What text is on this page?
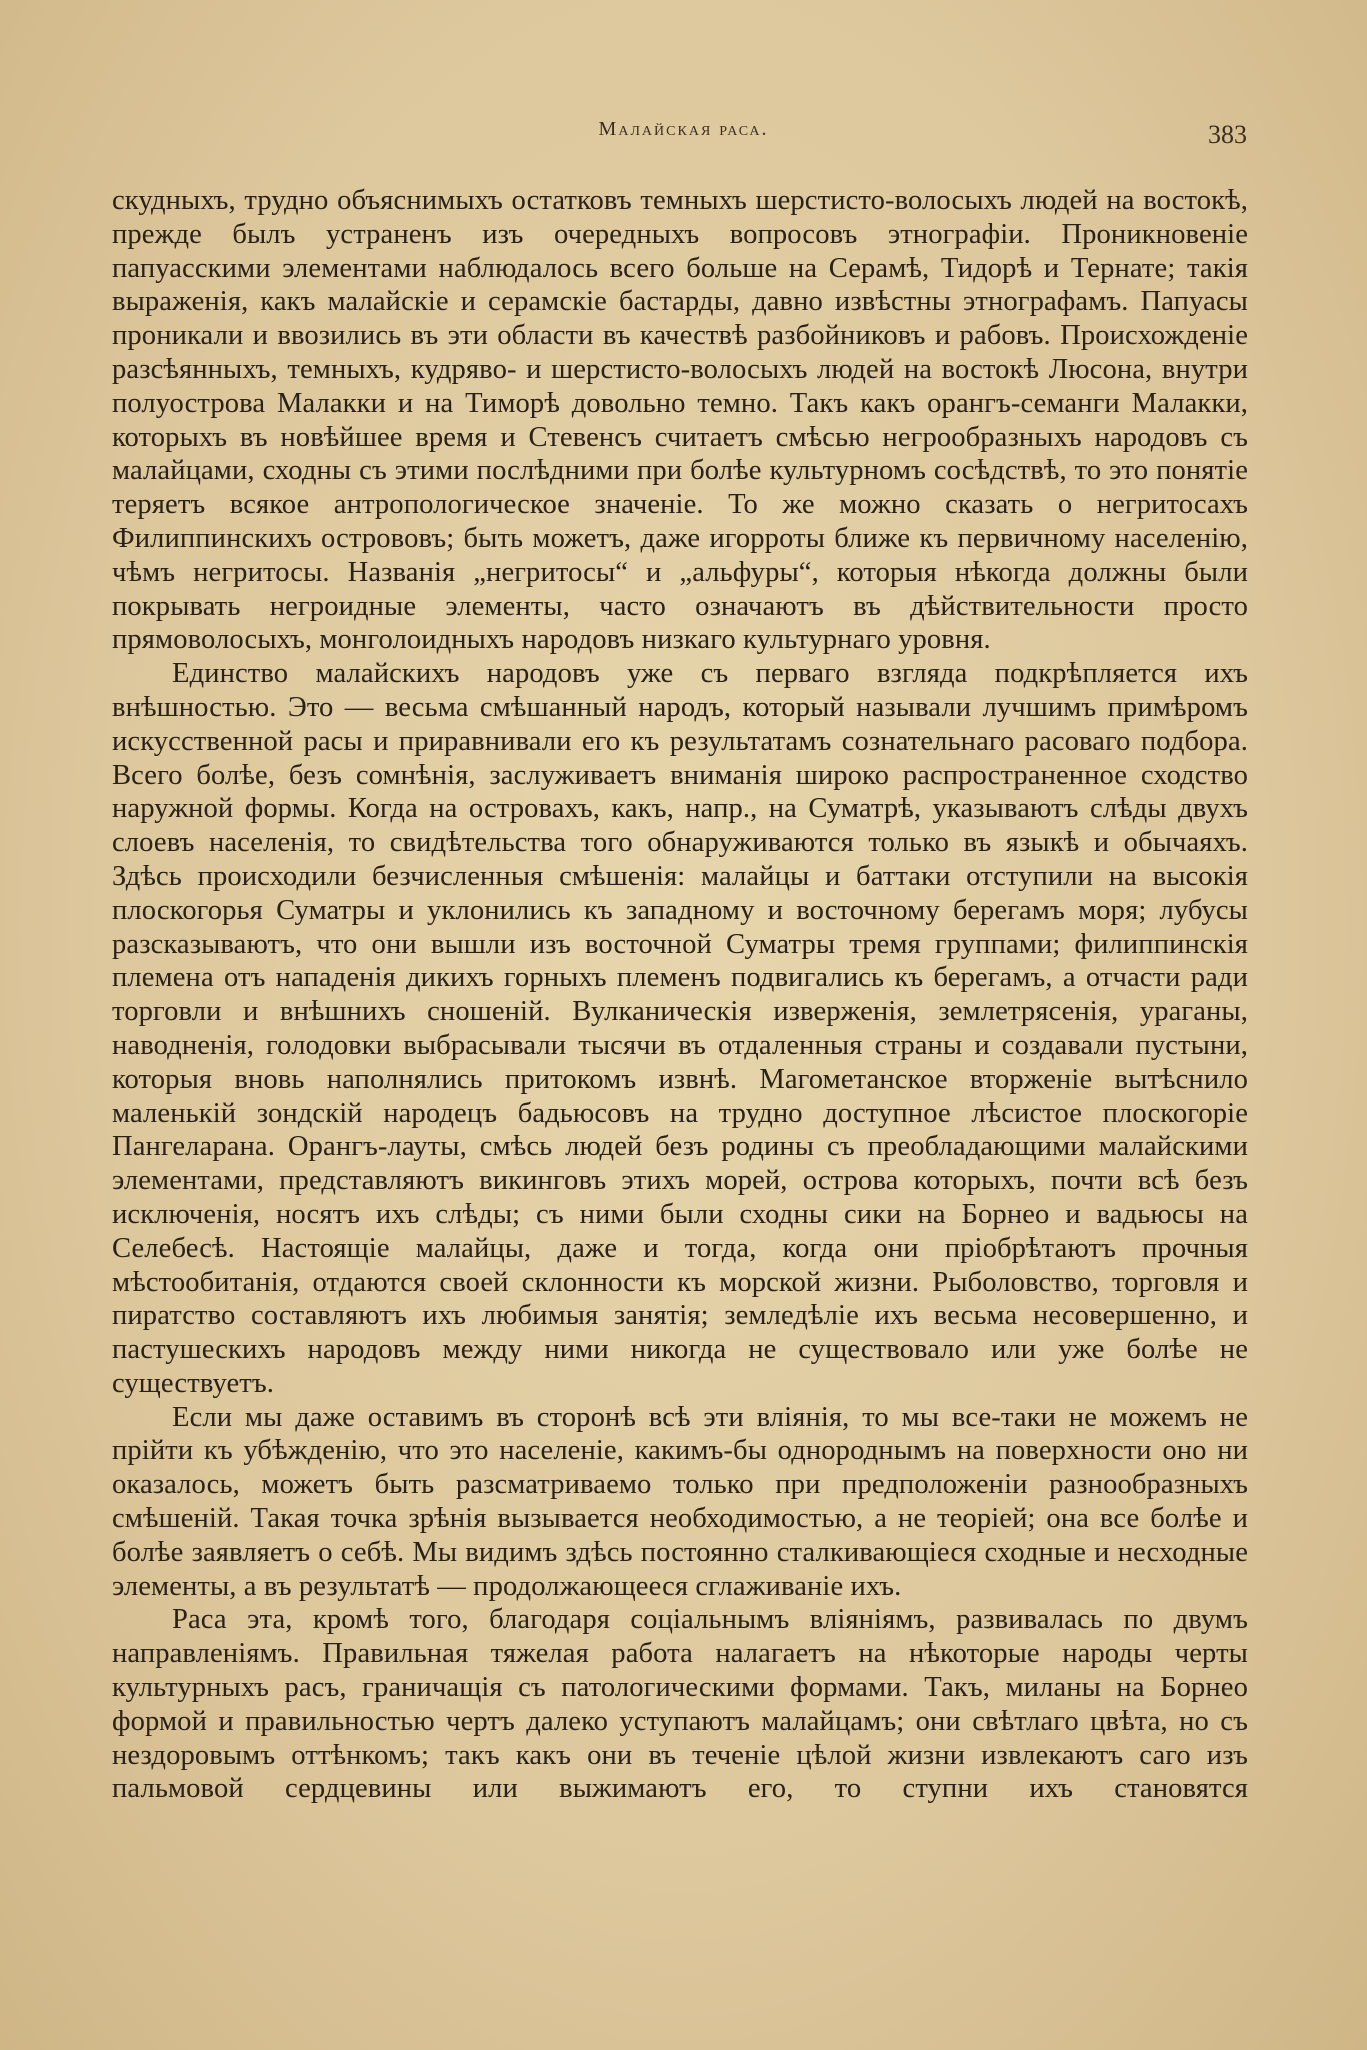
Малайская раса.	383

скудныхъ, трудно объяснимыхъ остатковъ темныхъ шерстисто-волосыхъ людей на востокѣ, прежде былъ устраненъ изъ очередныхъ вопросовъ этнографіи. Проникновеніе папуасскими элементами наблюдалось всего больше на Серамѣ, Тидорѣ и Тернате; такія выраженія, какъ малайскіе и серамскіе бастарды, давно извѣстны этнографамъ. Папуасы проникали и ввозились въ эти области въ качествѣ разбойниковъ и рабовъ. Происхожденіе разсѣянныхъ, темныхъ, кудряво- и шерстисто-волосыхъ людей на востокѣ Люсона, внутри полуострова Малакки и на Тиморѣ довольно темно. Такъ какъ орангъ-семанги Малакки, которыхъ въ новѣйшее время и Стевенсъ считаетъ смѣсью негрообразныхъ народовъ съ малайцами, сходны съ этими послѣдними при болѣе культурномъ сосѣдствѣ, то это понятіе теряетъ всякое антропологическое значеніе. То же можно сказать о негритосахъ Филиппинскихъ острововъ; быть можетъ, даже игорроты ближе къ первичному населенію, чѣмъ негритосы. Названія „негритосы“ и „альфуры“, которыя нѣкогда должны были покрывать негроидные элементы, часто означаютъ въ дѣйствительности просто прямоволосыхъ, монголоидныхъ народовъ низкаго культурнаго уровня.

Единство малайскихъ народовъ уже съ перваго взгляда подкрѣпляется ихъ внѣшностью. Это — весьма смѣшанный народъ, который называли лучшимъ примѣромъ искусственной расы и приравнивали его къ результатамъ сознательнаго расоваго подбора. Всего болѣе, безъ сомнѣнія, заслуживаетъ вниманія широко распространенное сходство наружной формы. Когда на островахъ, какъ, напр., на Суматрѣ, указываютъ слѣды двухъ слоевъ населенія, то свидѣтельства того обнаруживаются только въ языкѣ и обычаяхъ. Здѣсь происходили безчисленныя смѣшенія: малайцы и баттаки отступили на высокія плоскогорья Суматры и уклонились къ западному и восточному берегамъ моря; лубусы разсказываютъ, что они вышли изъ восточной Суматры тремя группами; филиппинскія племена отъ нападенія дикихъ горныхъ племенъ подвигались къ берегамъ, а отчасти ради торговли и внѣшнихъ сношеній. Вулканическія изверженія, землетрясенія, ураганы, наводненія, голодовки выбрасывали тысячи въ отдаленныя страны и создавали пустыни, которыя вновь наполнялись притокомъ извнѣ. Магометанское вторженіе вытѣснило маленькій зондскій народецъ бадьюсовъ на трудно доступное лѣсистое плоскогоріе Пангеларана. Орангъ-лауты, смѣсь людей безъ родины съ преобладающими малайскими элементами, представляютъ викинговъ этихъ морей, острова которыхъ, почти всѣ безъ исключенія, носятъ ихъ слѣды; съ ними были сходны сики на Борнео и вадьюсы на Селебесѣ. Настоящіе малайцы, даже и тогда, когда они пріобрѣтаютъ прочныя мѣстообитанія, отдаются своей склонности къ морской жизни. Рыболовство, торговля и пиратство составляютъ ихъ любимыя занятія; земледѣліе ихъ весьма несовершенно, и пастушескихъ народовъ между ними никогда не существовало или уже болѣе не существуетъ.

Если мы даже оставимъ въ сторонѣ всѣ эти вліянія, то мы все-таки не можемъ не прійти къ убѣжденію, что это населеніе, какимъ-бы однороднымъ на поверхности оно ни оказалось, можетъ быть разсматриваемо только при предположеніи разнообразныхъ смѣшеній. Такая точка зрѣнія вызывается необходимостью, а не теоріей; она все болѣе и болѣе заявляетъ о себѣ. Мы видимъ здѣсь постоянно сталкивающіеся сходные и несходные элементы, а въ результатѣ — продолжающееся сглаживаніе ихъ.

Раса эта, кромѣ того, благодаря соціальнымъ вліяніямъ, развивалась по двумъ направленіямъ. Правильная тяжелая работа налагаетъ на нѣкоторые народы черты культурныхъ расъ, граничащія съ патологическими формами. Такъ, миланы на Борнео формой и правильностью чертъ далеко уступаютъ малайцамъ; они свѣтлаго цвѣта, но съ нездоровымъ оттѣнкомъ; такъ какъ они въ теченіе цѣлой жизни извлекаютъ саго изъ пальмовой сердцевины или выжимаютъ его, то ступни ихъ становятся
